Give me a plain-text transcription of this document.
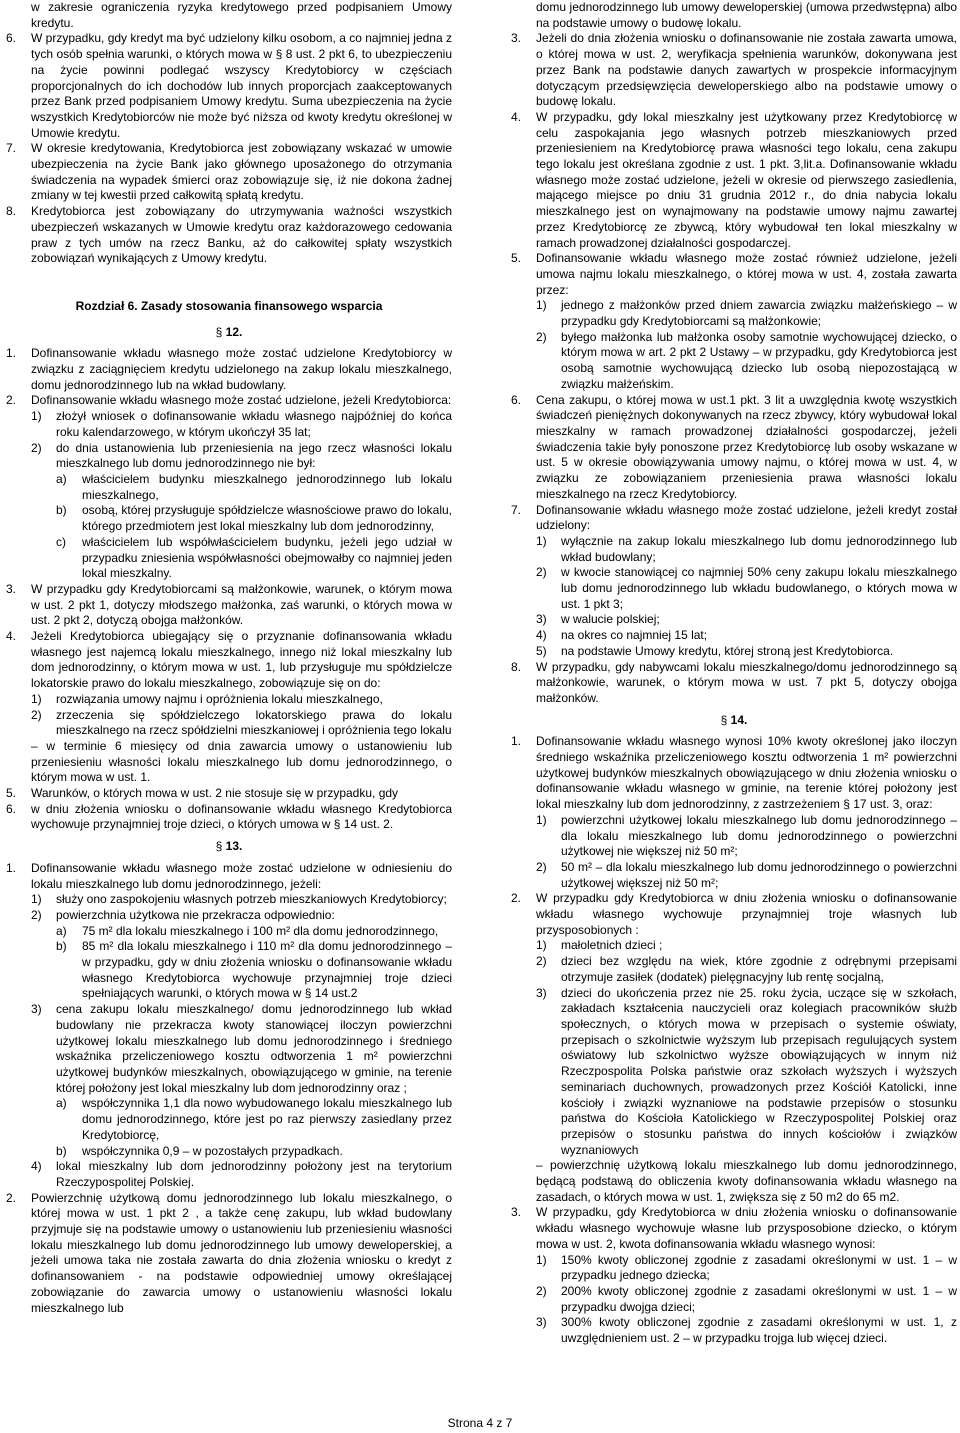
w zakresie ograniczenia ryzyka kredytowego przed podpisaniem Umowy kredytu.

6.	W przypadku, gdy kredyt ma być udzielony kilku osobom, a co najmniej jedna z tych osób spełnia warunki, o których mowa w § 8 ust. 2 pkt 6, to ubezpieczeniu na życie powinni podlegać wszyscy Kredytobiorcy w częściach proporcjonalnych do ich dochodów lub innych proporcjach zaakceptowanych przez Bank przed podpisaniem Umowy kredytu. Suma ubezpieczenia na życie wszystkich Kredytobiorców nie może być niższa od kwoty kredytu określonej w Umowie kredytu.
7.	W okresie kredytowania, Kredytobiorca jest zobowiązany wskazać w umowie ubezpieczenia na życie Bank jako głównego uposażonego do otrzymania świadczenia na wypadek śmierci oraz zobowiązuje się, iż nie dokona żadnej zmiany w tej kwestii przed całkowitą spłatą kredytu.
8.	Kredytobiorca jest zobowiązany do utrzymywania ważności wszystkich ubezpieczeń wskazanych w Umowie kredytu oraz każdorazowego cedowania praw z tych umów na rzecz Banku, aż do całkowitej spłaty wszystkich zobowiązań wynikających z Umowy kredytu.

Rozdział 6. Zasady stosowania finansowego wsparcia

§ 12.

1.	Dofinansowanie wkładu własnego może zostać udzielone Kredytobiorcy w związku z zaciągnięciem kredytu udzielonego na zakup lokalu mieszkalnego, domu jednorodzinnego lub na wkład budowlany.
2.	Dofinansowanie wkładu własnego może zostać udzielone, jeżeli Kredytobiorca:
1)	złożył wniosek o dofinansowanie wkładu własnego najpóźniej do końca roku kalendarzowego, w którym ukończył 35 lat;
2)	do dnia ustanowienia lub przeniesienia na jego rzecz własności lokalu mieszkalnego lub domu jednorodzinnego nie był:
a)	właścicielem budynku mieszkalnego jednorodzinnego lub lokalu mieszkalnego,
b)	osobą, której przysługuje spółdzielcze własnościowe prawo do lokalu, którego przedmiotem jest lokal mieszkalny lub dom jednorodzinny,
c)	właścicielem lub współwłaścicielem budynku, jeżeli jego udział w przypadku zniesienia współwłasności obejmowałby co najmniej jeden lokal mieszkalny.
3.	W przypadku gdy Kredytobiorcami są małżonkowie, warunek, o którym mowa w ust. 2 pkt 1, dotyczy młodszego małżonka, zaś warunki, o których mowa w ust. 2 pkt 2, dotyczą obojga małżonków.
4.	Jeżeli Kredytobiorca ubiegający się o przyznanie dofinansowania wkładu własnego jest najemcą lokalu mieszkalnego, innego niż lokal mieszkalny lub dom jednorodzinny, o którym mowa w ust. 1, lub przysługuje mu spółdzielcze lokatorskie prawo do lokalu mieszkalnego, zobowiązuje się on do:
1)	rozwiązania umowy najmu i opróżnienia lokalu mieszkalnego,
2)	zrzeczenia się spółdzielczego lokatorskiego prawa do lokalu mieszkalnego na rzecz spółdzielni mieszkaniowej i opróżnienia tego lokalu

– w terminie 6 miesięcy od dnia zawarcia umowy o ustanowieniu lub przeniesieniu własności lokalu mieszkalnego lub domu jednorodzinnego, o którym mowa w ust. 1.

5.	Warunków, o których mowa w ust. 2 nie stosuje się w przypadku, gdy
6.	w dniu złożenia wniosku o dofinansowanie wkładu własnego Kredytobiorca wychowuje przynajmniej troje dzieci, o których umowa w § 14 ust. 2.

§ 13.

1.	Dofinansowanie wkładu własnego może zostać udzielone w odniesieniu do lokalu mieszkalnego lub domu jednorodzinnego, jeżeli:
1)	służy ono zaspokojeniu własnych potrzeb mieszkaniowych Kredytobiorcy;
2)	powierzchnia użytkowa nie przekracza odpowiednio:
a)	75 m² dla lokalu mieszkalnego i 100 m² dla domu jednorodzinnego,
b)	85 m² dla lokalu mieszkalnego i 110 m² dla domu jednorodzinnego – w przypadku, gdy w dniu złożenia wniosku o dofinansowanie wkładu własnego Kredytobiorca wychowuje przynajmniej troje dzieci spełniających warunki, o których mowa w § 14 ust.2
3)	cena zakupu lokalu mieszkalnego/ domu jednorodzinnego lub wkład budowlany nie przekracza kwoty stanowiącej iloczyn powierzchni użytkowej lokalu mieszkalnego lub domu jednorodzinnego i średniego wskaźnika przeliczeniowego kosztu odtworzenia 1 m² powierzchni użytkowej budynków mieszkalnych, obowiązującego w gminie, na terenie której położony jest lokal mieszkalny lub dom jednorodzinny oraz ;
a)	współczynnika 1,1 dla nowo wybudowanego lokalu mieszkalnego lub domu jednorodzinnego, które jest po raz pierwszy zasiedlany przez Kredytobiorcę,
b)	współczynnika 0,9 – w pozostałych przypadkach.
4)	lokal mieszkalny lub dom jednorodzinny położony jest na terytorium Rzeczypospolitej Polskiej.
2.	Powierzchnię użytkową domu jednorodzinnego lub lokalu mieszkalnego, o której mowa w ust. 1 pkt 2 , a także cenę zakupu, lub wkład budowlany przyjmuje się na podstawie umowy o ustanowieniu lub przeniesieniu własności lokalu mieszkalnego lub domu jednorodzinnego lub umowy deweloperskiej, a jeżeli umowa taka nie została zawarta do dnia złożenia wniosku o kredyt z dofinansowaniem - na podstawie odpowiedniej umowy określającej zobowiązanie do zawarcia umowy o ustanowieniu własności lokalu mieszkalnego lub

domu jednorodzinnego lub umowy deweloperskiej (umowa przedwstępna) albo na podstawie umowy o budowę lokalu.

3.	Jeżeli do dnia złożenia wniosku o dofinansowanie nie została zawarta umowa, o której mowa w ust. 2, weryfikacja spełnienia warunków, dokonywana jest przez Bank na podstawie danych zawartych w prospekcie informacyjnym dotyczącym przedsięwzięcia deweloperskiego albo na podstawie umowy o budowę lokalu.
4.	W przypadku, gdy lokal mieszkalny jest użytkowany przez Kredytobiorcę w celu zaspokajania jego własnych potrzeb mieszkaniowych przed przeniesieniem na Kredytobiorcę prawa własności tego lokalu, cena zakupu tego lokalu jest określana zgodnie z ust. 1 pkt. 3,lit.a. Dofinansowanie wkładu własnego może zostać udzielone, jeżeli w okresie od pierwszego zasiedlenia, mającego miejsce po dniu 31 grudnia 2012 r., do dnia nabycia lokalu mieszkalnego jest on wynajmowany na podstawie umowy najmu zawartej przez Kredytobiorcę ze zbywcą, który wybudował ten lokal mieszkalny w ramach prowadzonej działalności gospodarczej.
5.	Dofinansowanie wkładu własnego może zostać również udzielone, jeżeli umowa najmu lokalu mieszkalnego, o której mowa w ust. 4, została zawarta przez:
1)	jednego z małżonków przed dniem zawarcia związku małżeńskiego – w przypadku gdy Kredytobiorcami są małżonkowie;
2)	byłego małżonka lub małżonka osoby samotnie wychowującej dziecko, o którym mowa w art. 2 pkt 2 Ustawy – w przypadku, gdy Kredytobiorca jest osobą samotnie wychowującą dziecko lub osobą niepozostającą w związku małżeńskim.
6.	Cena zakupu, o której mowa w ust.1 pkt. 3 lit a uwzględnia kwotę wszystkich świadczeń pieniężnych dokonywanych na rzecz zbywcy, który wybudował lokal mieszkalny w ramach prowadzonej działalności gospodarczej, jeżeli świadczenia takie były ponoszone przez Kredytobiorcę lub osoby wskazane w ust. 5 w okresie obowiązywania umowy najmu, o której mowa w ust. 4, w związku ze zobowiązaniem przeniesienia prawa własności lokalu mieszkalnego na rzecz Kredytobiorcy.
7.	Dofinansowanie wkładu własnego może zostać udzielone, jeżeli kredyt został udzielony:
1)	wyłącznie na zakup lokalu mieszkalnego lub domu jednorodzinnego lub wkład budowlany;
2)	w kwocie stanowiącej co najmniej 50% ceny zakupu lokalu mieszkalnego lub domu jednorodzinnego lub wkładu budowlanego, o których mowa w ust. 1 pkt 3;
3)	w walucie polskiej;
4)	na okres co najmniej 15 lat;
5)	na podstawie Umowy kredytu, której stroną jest Kredytobiorca.
8.	W przypadku, gdy nabywcami lokalu mieszkalnego/domu jednorodzinnego są małżonkowie, warunek, o którym mowa w ust. 7 pkt 5, dotyczy obojga małżonków.

§ 14.

1.	Dofinansowanie wkładu własnego wynosi 10% kwoty określonej jako iloczyn średniego wskaźnika przeliczeniowego kosztu odtworzenia 1 m² powierzchni użytkowej budynków mieszkalnych obowiązującego w dniu złożenia wniosku o dofinansowanie wkładu własnego w gminie, na terenie której położony jest lokal mieszkalny lub dom jednorodzinny, z zastrzeżeniem § 17 ust. 3, oraz:
1)	powierzchni użytkowej lokalu mieszkalnego lub domu jednorodzinnego – dla lokalu mieszkalnego lub domu jednorodzinnego o powierzchni użytkowej nie większej niż 50 m²;
2)	50 m² – dla lokalu mieszkalnego lub domu jednorodzinnego o powierzchni użytkowej większej niż 50 m²;
2.	W przypadku gdy Kredytobiorca w dniu złożenia wniosku o dofinansowanie wkładu własnego wychowuje przynajmniej troje własnych lub przysposobionych :
1)	małoletnich dzieci ;
2)	dzieci bez względu na wiek, które zgodnie z odrębnymi przepisami otrzymuje zasiłek (dodatek) pielęgnacyjny lub rentę socjalną,
3)	dzieci do ukończenia przez nie 25. roku życia, uczące się w szkołach, zakładach kształcenia nauczycieli oraz kolegiach pracowników służb społecznych, o których mowa w przepisach o systemie oświaty, przepisach o szkolnictwie wyższym lub przepisach regulujących system oświatowy lub szkolnictwo wyższe obowiązujących w innym niż Rzeczpospolita Polska państwie oraz szkołach wyższych i wyższych seminariach duchownych, prowadzonych przez Kościół Katolicki, inne kościoły i związki wyznaniowe na podstawie przepisów o stosunku państwa do Kościoła Katolickiego w Rzeczypospolitej Polskiej oraz przepisów o stosunku państwa do innych kościołów i związków wyznaniowych

– powierzchnię użytkową lokalu mieszkalnego lub domu jednorodzinnego, będącą podstawą do obliczenia kwoty dofinansowania wkładu własnego na zasadach, o których mowa w ust. 1, zwiększa się z 50 m2 do 65 m2.

3.	W przypadku, gdy Kredytobiorca w dniu złożenia wniosku o dofinansowanie wkładu własnego wychowuje własne lub przysposobione dziecko, o którym mowa w ust. 2, kwota dofinansowania wkładu własnego wynosi:
1)	150% kwoty obliczonej zgodnie z zasadami określonymi w ust. 1 – w przypadku jednego dziecka;
2)	200% kwoty obliczonej zgodnie z zasadami określonymi w ust. 1 – w przypadku dwojga dzieci;
3)	300% kwoty obliczonej zgodnie z zasadami określonymi w ust. 1, z uwzględnieniem ust. 2 – w przypadku trojga lub więcej dzieci.
Strona 4 z 7
